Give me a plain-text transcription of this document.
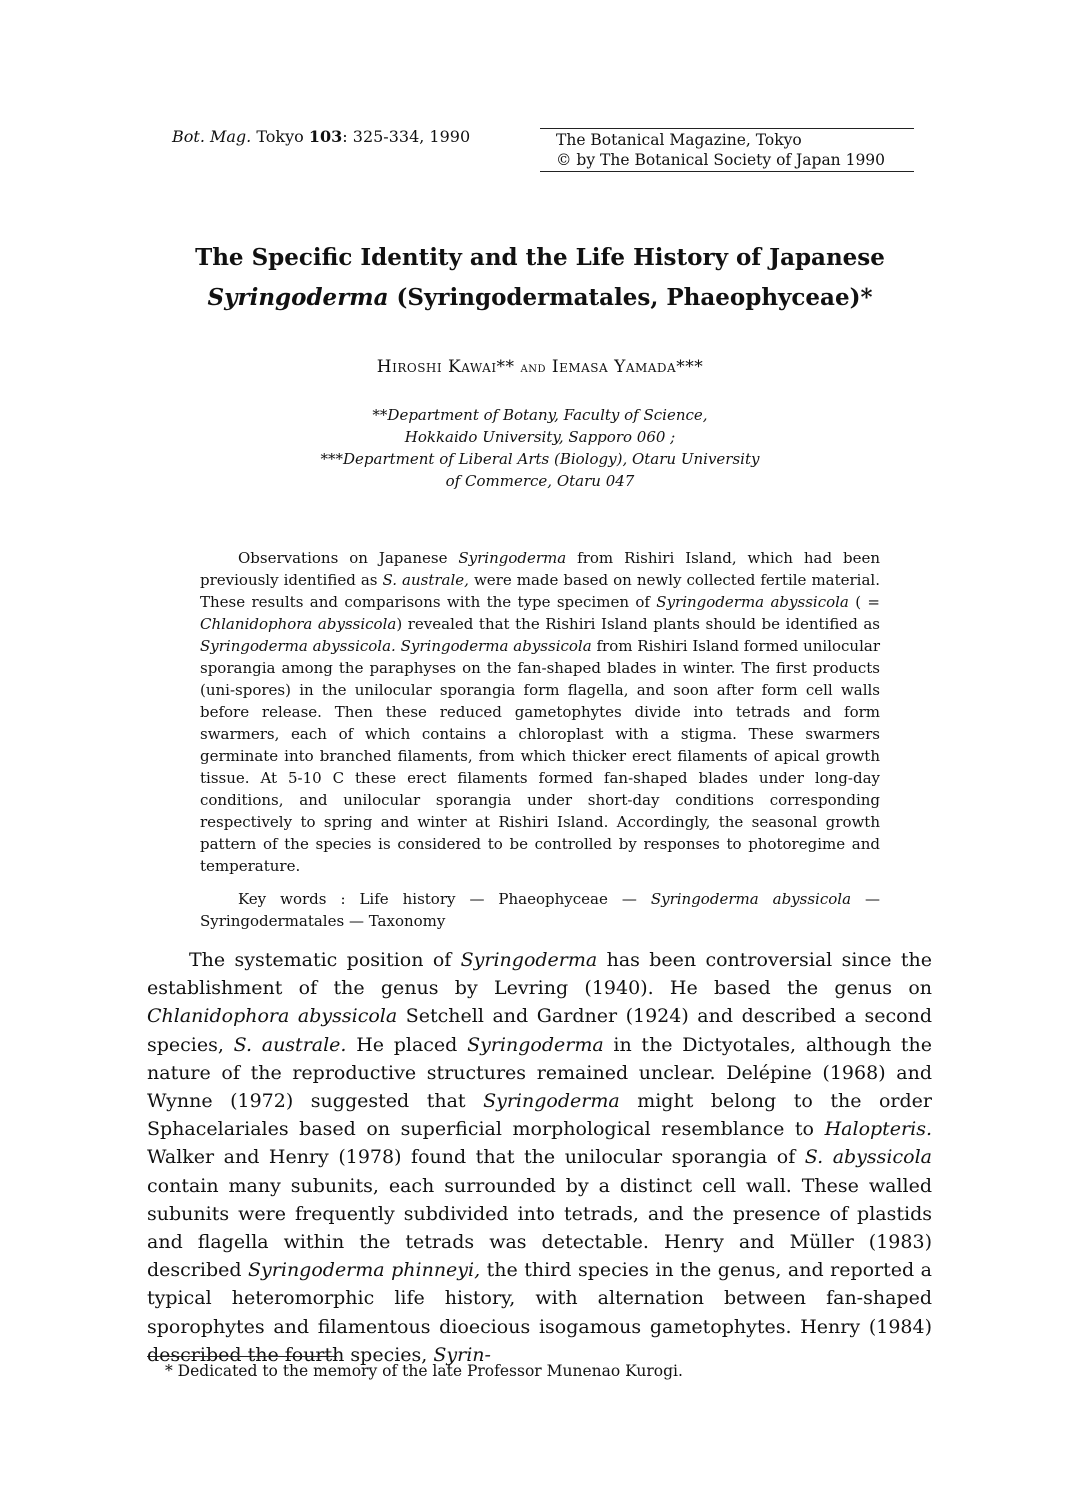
Bot. Mag. Tokyo 103: 325-334, 1990	The Botanical Magazine, Tokyo
© by The Botanical Society of Japan 1990
The Specific Identity and the Life History of Japanese
Syringoderma (Syringodermatales, Phaeophyceae)*
Hiroshi Kawai** and Iemasa Yamada***
**Department of Botany, Faculty of Science,
Hokkaido University, Sapporo 060 ;
***Department of Liberal Arts (Biology), Otaru University
of Commerce, Otaru 047

Observations on Japanese Syringoderma from Rishiri Island, which had been previously identified as S. australe, were made based on newly collected fertile material. These results and comparisons with the type specimen of Syringoderma abyssicola ( = Chlanidophora abyssicola) revealed that the Rishiri Island plants should be identified as Syringoderma abyssicola. Syringoderma abyssicola from Rishiri Island formed unilocular sporangia among the paraphyses on the fan-shaped blades in winter. The first products (uni-spores) in the unilocular sporangia form flagella, and soon after form cell walls before release. Then these reduced gametophytes divide into tetrads and form swarmers, each of which contains a chloroplast with a stigma. These swarmers germinate into branched filaments, from which thicker erect filaments of apical growth tissue. At 5-10 C these erect filaments formed fan-shaped blades under long-day conditions, and unilocular sporangia under short-day conditions corresponding respectively to spring and winter at Rishiri Island. Accordingly, the seasonal growth pattern of the species is considered to be controlled by responses to photoregime and temperature.

Key words : Life history — Phaeophyceae — Syringoderma abyssicola — Syringodermatales — Taxonomy

The systematic position of Syringoderma has been controversial since the establishment of the genus by Levring (1940). He based the genus on Chlanidophora abyssicola Setchell and Gardner (1924) and described a second species, S. australe. He placed Syringoderma in the Dictyotales, although the nature of the reproductive structures remained unclear. Delépine (1968) and Wynne (1972) suggested that Syringoderma might belong to the order Sphacelariales based on superficial morphological resemblance to Halopteris. Walker and Henry (1978) found that the unilocular sporangia of S. abyssicola contain many subunits, each surrounded by a distinct cell wall. These walled subunits were frequently subdivided into tetrads, and the presence of plastids and flagella within the tetrads was detectable. Henry and Müller (1983) described Syringoderma phinneyi, the third species in the genus, and reported a typical heteromorphic life history, with alternation between fan-shaped sporophytes and filamentous dioecious isogamous gametophytes. Henry (1984) described the fourth species, Syrin-

* Dedicated to the memory of the late Professor Munenao Kurogi.
